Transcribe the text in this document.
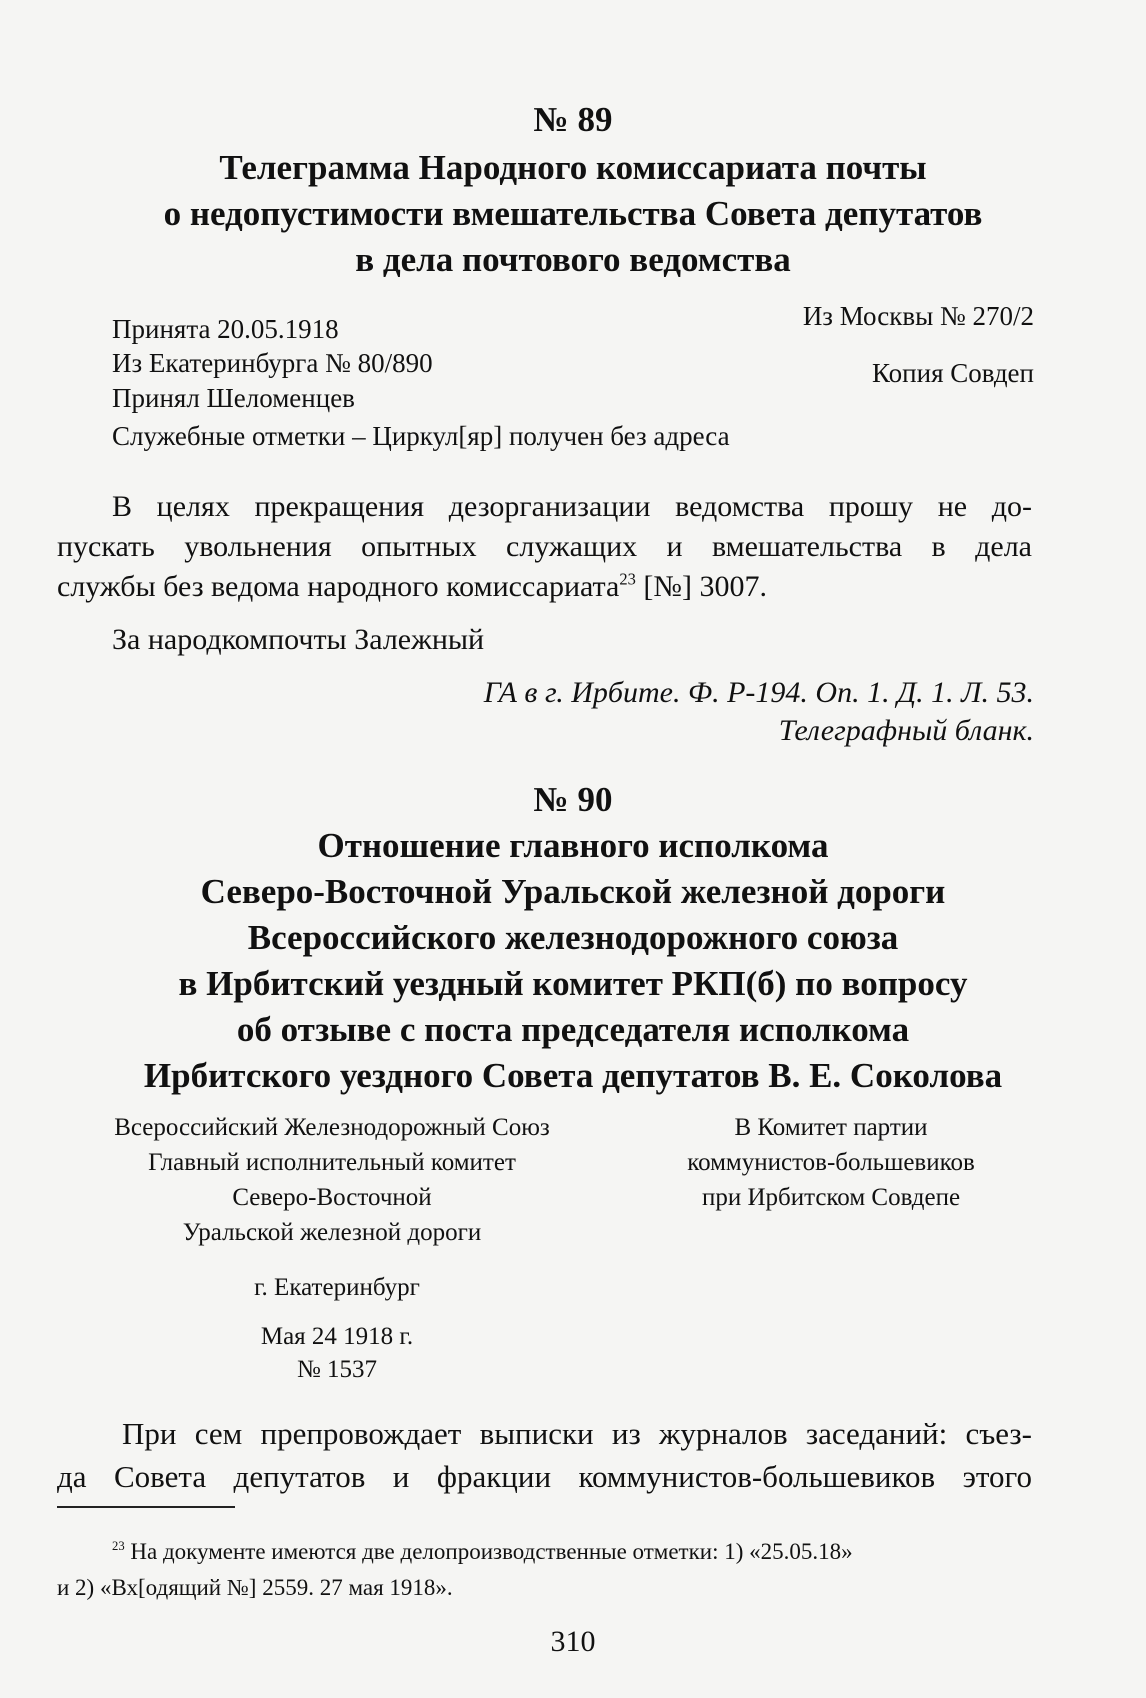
№ 89
Телеграмма Народного комиссариата почты
о недопустимости вмешательства Совета депутатов
в дела почтового ведомства
Принята 20.05.1918
Из Екатеринбурга № 80/890
Принял Шеломенцев
Из Москвы № 270/2
Копия Совдеп
Служебные отметки – Циркул[яр] получен без адреса
В целях прекращения дезорганизации ведомства прошу не до-
пускать увольнения опытных служащих и вмешательства в дела
службы без ведома народного комиссариата$^{23}$ [№] 3007.
За народкомпочты Залежный
ГА в г. Ирбите. Ф. Р-194. Оп. 1. Д. 1. Л. 53.
Телеграфный бланк.
№ 90
Отношение главного исполкома
Северо-Восточной Уральской железной дороги
Всероссийского железнодорожного союза
в Ирбитский уездный комитет РКП(б) по вопросу
об отзыве с поста председателя исполкома
Ирбитского уездного Совета депутатов В. Е. Соколова
Всероссийский Железнодорожный Союз
Главный исполнительный комитет
Северо-Восточной
Уральской железной дороги
В Комитет партии
коммунистов-большевиков
при Ирбитском Совдепе
г. Екатеринбург
Мая 24 1918 г.
№ 1537
При сем препровождает выписки из журналов заседаний: съез-
да Совета депутатов и фракции коммунистов-большевиков этого
$^{23}$ На документе имеются две делопроизводственные отметки: 1) «25.05.18»
и 2) «Вх[одящий №] 2559. 27 мая 1918».
310
